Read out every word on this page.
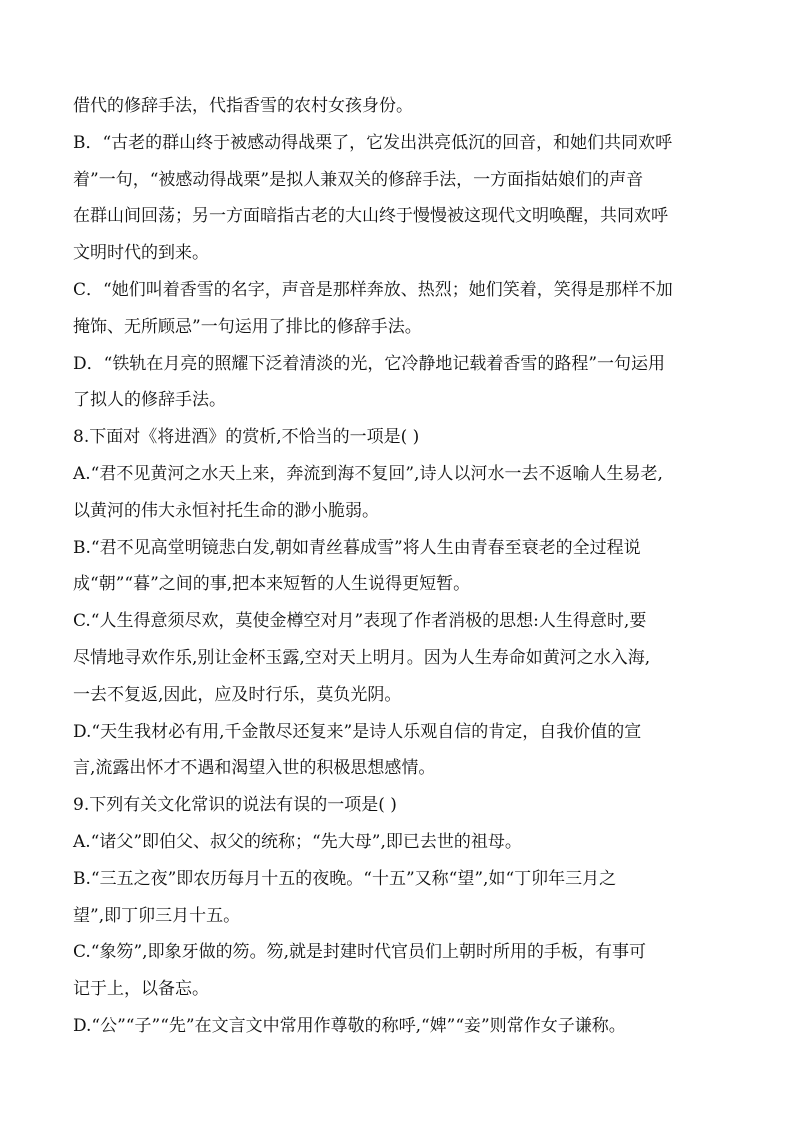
借代的修辞手法，代指香雪的农村女孩身份。
B．“古老的群山终于被感动得战栗了，它发出洪亮低沉的回音，和她们共同欢呼
着”一句，“被感动得战栗”是拟人兼双关的修辞手法，一方面指姑娘们的声音
在群山间回荡；另一方面暗指古老的大山终于慢慢被这现代文明唤醒，共同欢呼
文明时代的到来。
C．“她们叫着香雪的名字，声音是那样奔放、热烈；她们笑着，笑得是那样不加
掩饰、无所顾忌”一句运用了排比的修辞手法。
D．“铁轨在月亮的照耀下泛着清淡的光，它冷静地记载着香雪的路程”一句运用
了拟人的修辞手法。
8.下面对《将进酒》的赏析,不恰当的一项是( )
A.“君不见黄河之水天上来，奔流到海不复回”,诗人以河水一去不返喻人生易老,
以黄河的伟大永恒衬托生命的渺小脆弱。
B.“君不见高堂明镜悲白发,朝如青丝暮成雪”将人生由青春至衰老的全过程说
成“朝”“暮”之间的事,把本来短暂的人生说得更短暂。
C.“人生得意须尽欢，莫使金樽空对月”表现了作者消极的思想:人生得意时,要
尽情地寻欢作乐,别让金杯玉露,空对天上明月。因为人生寿命如黄河之水入海,
一去不复返,因此，应及时行乐，莫负光阴。
D.“天生我材必有用,千金散尽还复来”是诗人乐观自信的肯定，自我价值的宣
言,流露出怀才不遇和渴望入世的积极思想感情。
9.下列有关文化常识的说法有误的一项是( )
A.“诸父”即伯父、叔父的统称；“先大母”,即已去世的祖母。
B.“三五之夜”即农历每月十五的夜晚。“十五”又称“望”,如“丁卯年三月之
望”,即丁卯三月十五。
C.“象笏”,即象牙做的笏。笏,就是封建时代官员们上朝时所用的手板，有事可
记于上，以备忘。
D.“公”“子”“先”在文言文中常用作尊敬的称呼,“婢”“妾”则常作女子谦称。
